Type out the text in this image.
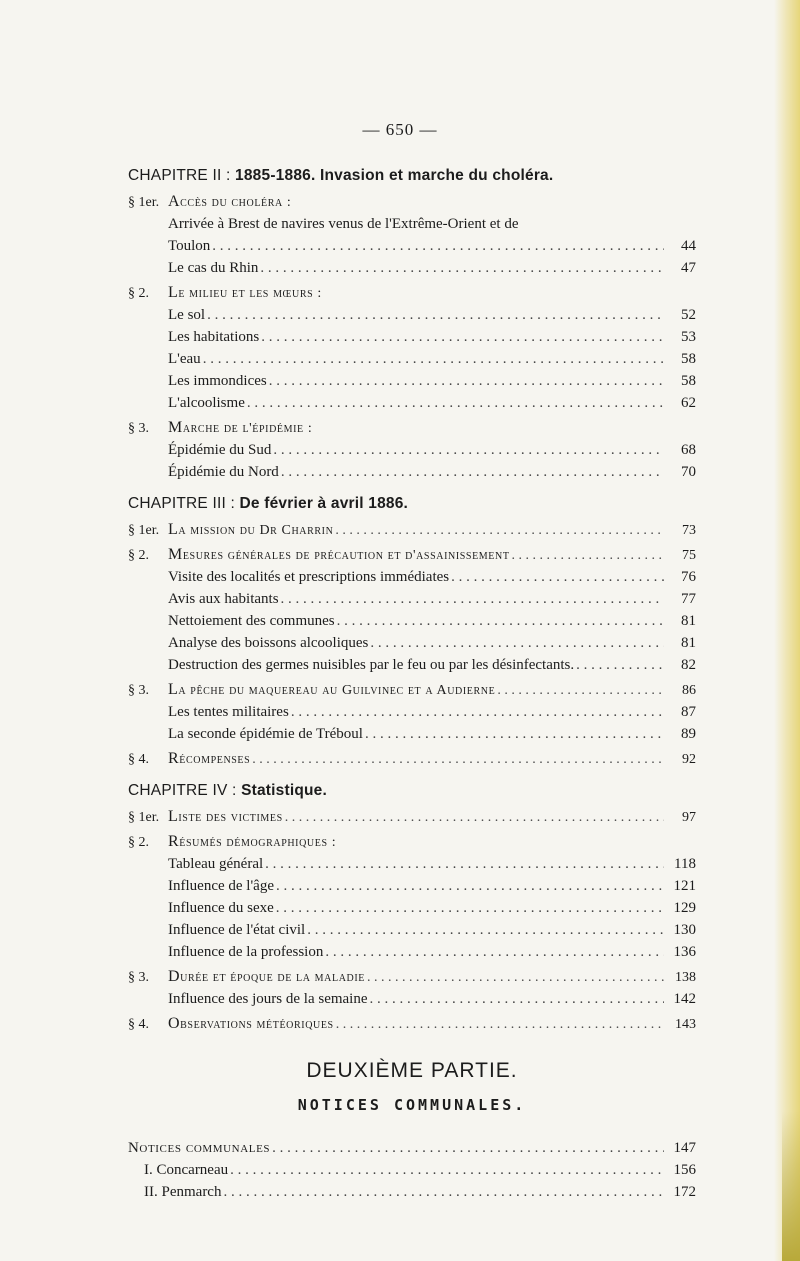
— 650 —
CHAPITRE II : 1885-1886. Invasion et marche du choléra.
§ 1er. Accès du choléra :
Arrivée à Brest de navires venus de l'Extrême-Orient et de
Toulon . . .	44
Le cas du Rhin . . .	47
§ 2.	Le milieu et les mœurs :
Le sol . . .	52
Les habitations . . .	53
L'eau . . .	58
Les immondices . . .	58
L'alcoolisme . . .	62
§ 3.	Marche de l'épidémie :
Épidémie du Sud . . .	68
Épidémie du Nord . . .	70
CHAPITRE III : De février à avril 1886.
§ 1er. La mission du Dr Charrin . . .	73
§ 2.	Mesures générales de précaution et d'assainissement . . .	75
Visite des localités et prescriptions immédiates . . .	76
Avis aux habitants . . .	77
Nettoiement des communes . . .	81
Analyse des boissons alcooliques . . .	81
Destruction des germes nuisibles par le feu ou par les désinfectants. . . .	82
§ 3.	La pêche du maquereau au Guilvinec et a Audierne . . .	86
Les tentes militaires . . .	87
La seconde épidémie de Tréboul . . .	89
§ 4.	Récompenses . . .	92
CHAPITRE IV : Statistique.
§ 1er. Liste des victimes . . .	97
§ 2.	Résumés démographiques :
Tableau général . . .	118
Influence de l'âge . . .	121
Influence du sexe . . .	129
Influence de l'état civil . . .	130
Influence de la profession . . .	136
§ 3.	Durée et époque de la maladie . . .	138
Influence des jours de la semaine . . .	142
§ 4.	Observations météoriques . . .	143
DEUXIÈME PARTIE.
NOTICES COMMUNALES.
Notices communales . . .	147
I. Concarneau . . .	156
II. Penmarch . . .	172
